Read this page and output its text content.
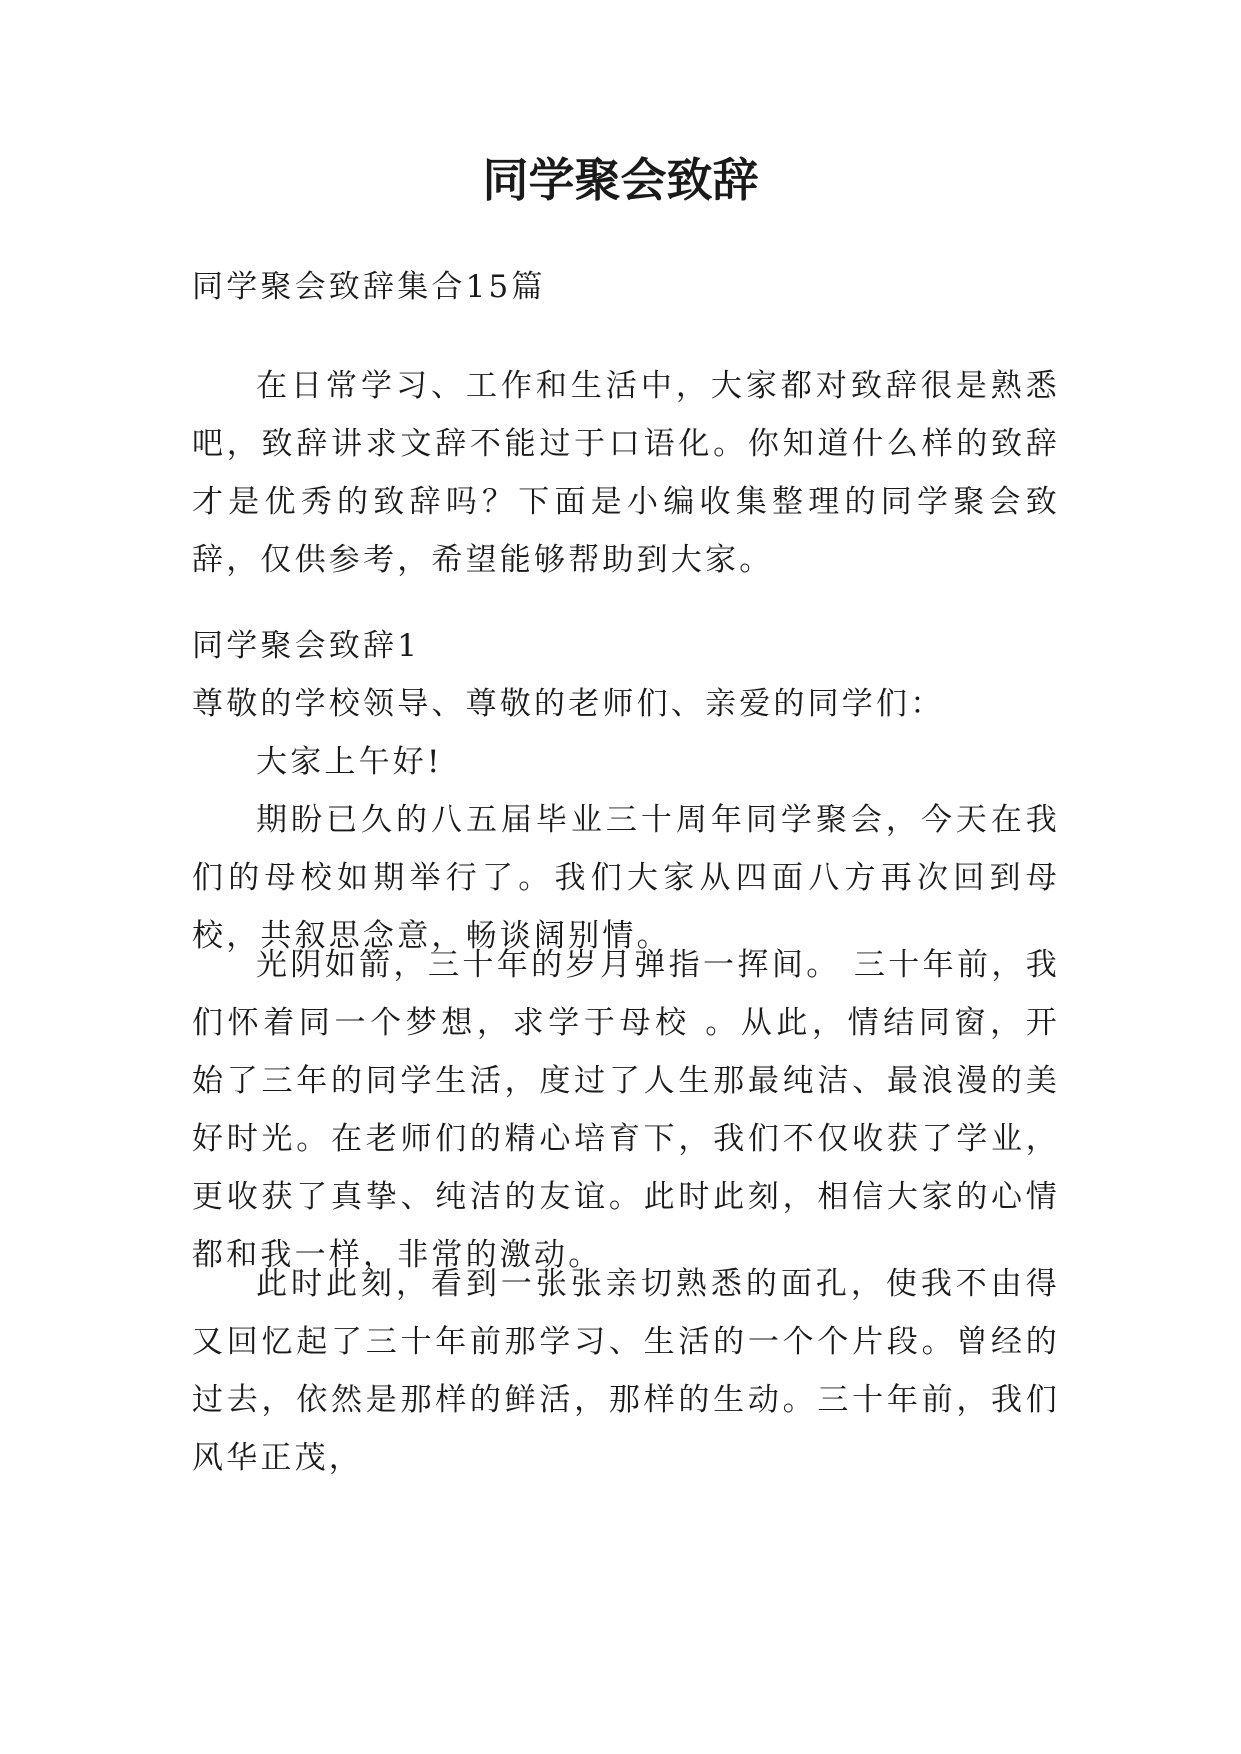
同学聚会致辞

同学聚会致辞集合15篇

在日常学习、工作和生活中，大家都对致辞很是熟悉吧，致辞讲求文辞不能过于口语化。你知道什么样的致辞才是优秀的致辞吗？下面是小编收集整理的同学聚会致辞，仅供参考，希望能够帮助到大家。

同学聚会致辞1

尊敬的学校领导、尊敬的老师们、亲爱的同学们：

大家上午好!

期盼已久的八五届毕业三十周年同学聚会，今天在我们的母校如期举行了。我们大家从四面八方再次回到母校，共叙思念意，畅谈阔别情。

光阴如箭，三十年的岁月弹指一挥间。 三十年前，我们怀着同一个梦想，求学于母校 。从此，情结同窗，开始了三年的同学生活，度过了人生那最纯洁、最浪漫的美好时光。在老师们的精心培育下，我们不仅收获了学业，更收获了真挚、纯洁的友谊。此时此刻，相信大家的心情都和我一样，非常的激动。

此时此刻，看到一张张亲切熟悉的面孔，使我不由得又回忆起了三十年前那学习、生活的一个个片段。曾经的过去，依然是那样的鲜活，那样的生动。三十年前，我们风华正茂，
